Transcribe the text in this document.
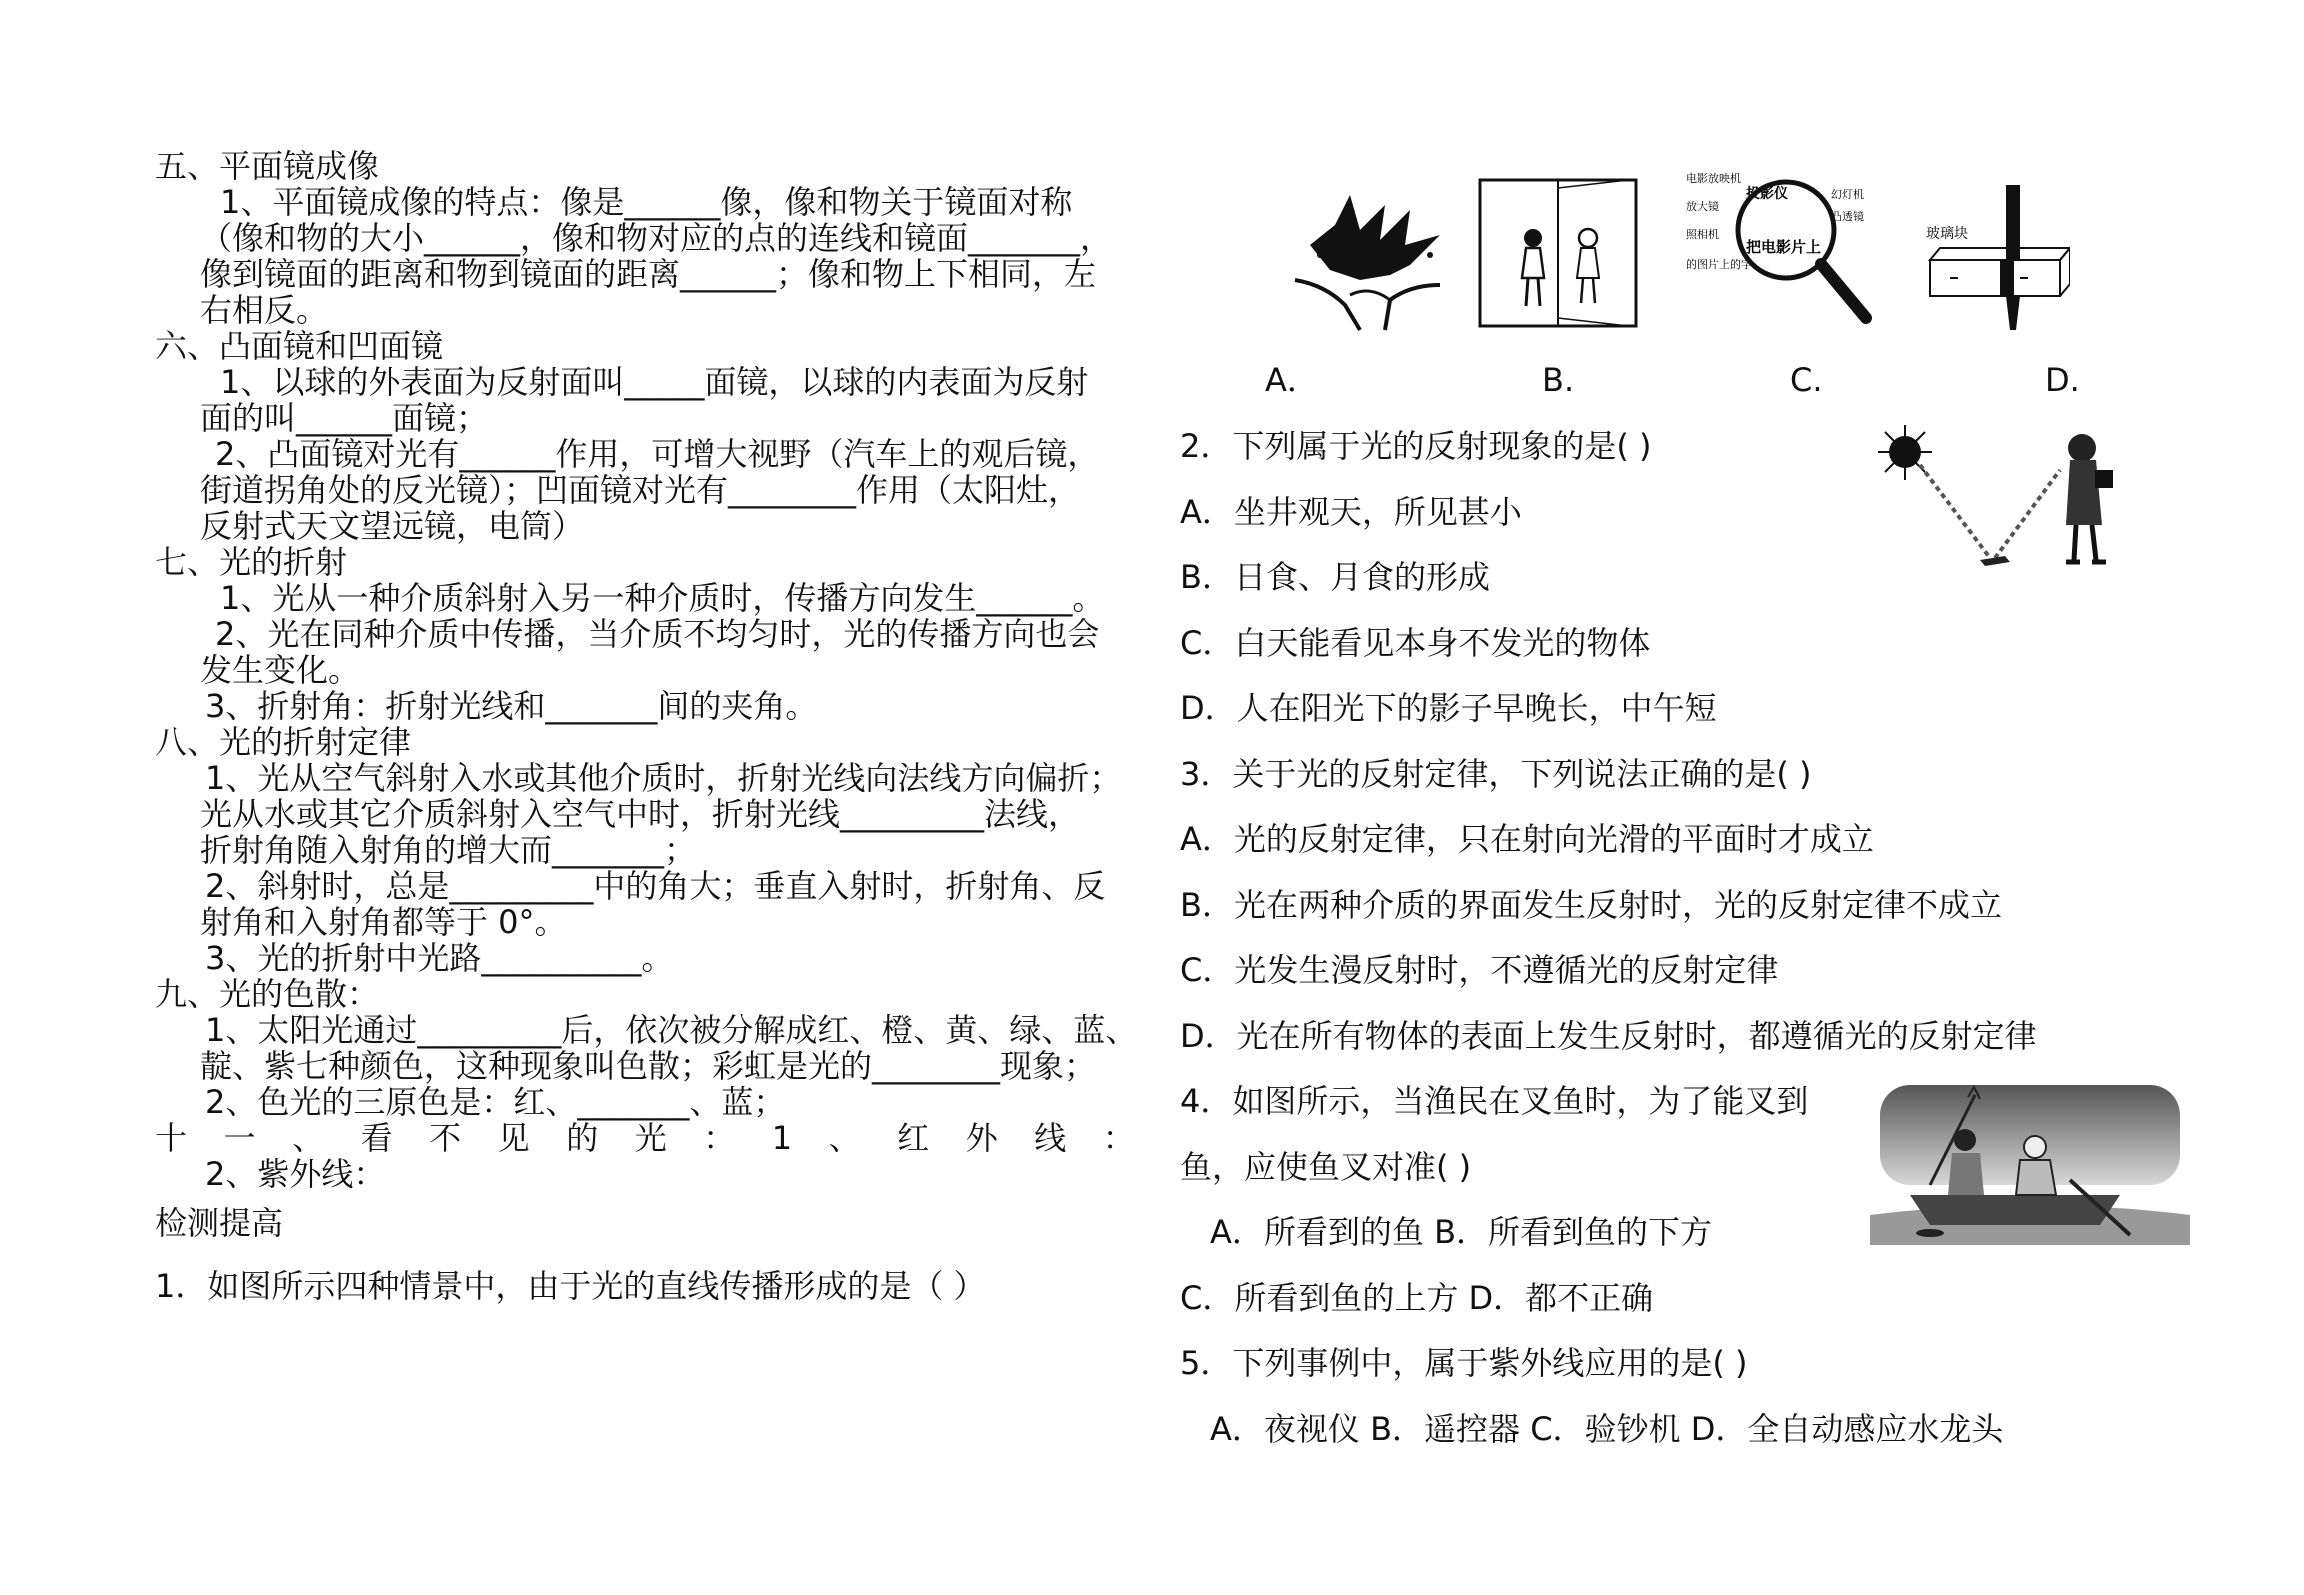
五、平面镜成像
1、平面镜成像的特点：像是______像，像和物关于镜面对称
（像和物的大小______，像和物对应的点的连线和镜面_______，
像到镜面的距离和物到镜面的距离______；像和物上下相同，左
右相反。
六、凸面镜和凹面镜
1、以球的外表面为反射面叫_____面镜，以球的内表面为反射
面的叫______面镜；
2、凸面镜对光有______作用，可增大视野（汽车上的观后镜，
街道拐角处的反光镜）；凹面镜对光有________作用（太阳灶，
反射式天文望远镜，电筒）
七、光的折射
1、光从一种介质斜射入另一种介质时，传播方向发生______。
2、光在同种介质中传播，当介质不均匀时，光的传播方向也会
发生变化。
3、折射角：折射光线和_______间的夹角。
八、光的折射定律
1、光从空气斜射入水或其他介质时，折射光线向法线方向偏折；
光从水或其它介质斜射入空气中时，折射光线_________法线，
折射角随入射角的增大而_______；
2、斜射时，总是_________中的角大；垂直入射时，折射角、反
射角和入射角都等于 0°。
3、光的折射中光路__________。
九、光的色散：
1、太阳光通过_________后，依次被分解成红、橙、黄、绿、蓝、
靛、紫七种颜色，这种现象叫色散；彩虹是光的________现象；
2、色光的三原色是：红、_______、蓝；
十 一 、 看 不 见 的 光 ： 1 、 红 外 线 ：
2、紫外线：
检测提高
1．如图所示四种情景中，由于光的直线传播形成的是（ ）
电影放映机
投影仪
放大镜
凸透镜
照相机
幻灯机
把电影片上
的图片上的字
玻璃块
A．	B.	C.	D.
2．下列属于光的反射现象的是( )
A．坐井观天，所见甚小
B．日食、月食的形成
C．白天能看见本身不发光的物体
D．人在阳光下的影子早晚长，中午短
3．关于光的反射定律，下列说法正确的是( )
A．光的反射定律，只在射向光滑的平面时才成立
B．光在两种介质的界面发生反射时，光的反射定律不成立
C．光发生漫反射时，不遵循光的反射定律
D．光在所有物体的表面上发生反射时，都遵循光的反射定律
4．如图所示，当渔民在叉鱼时，为了能叉到
鱼，应使鱼叉对准( )
A．所看到的鱼 B．所看到鱼的下方
C．所看到鱼的上方 D．都不正确
5．下列事例中，属于紫外线应用的是( )
A．夜视仪 B．遥控器 C．验钞机 D．全自动感应水龙头
